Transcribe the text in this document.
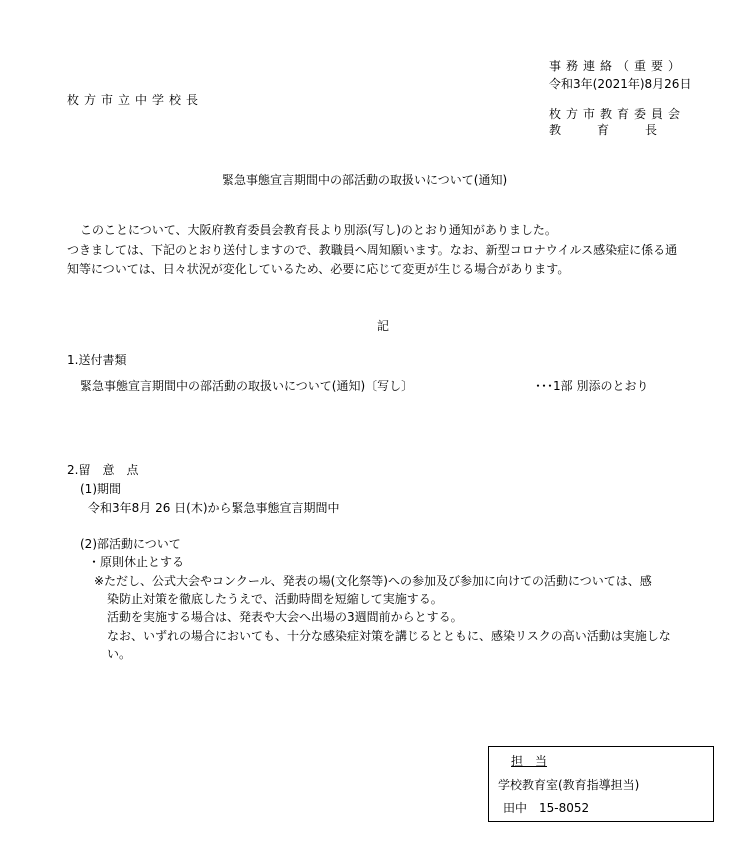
事務連絡（重要）
令和3年(2021年)8月26日
枚方市立中学校長
枚方市教育委員会
教　　育　　長
緊急事態宣言期間中の部活動の取扱いについて(通知)
このことについて、大阪府教育委員会教育長より別添(写し)のとおり通知がありました。
つきましては、下記のとおり送付しますので、教職員へ周知願います。なお、新型コロナウイルス感染症に係る通
知等については、日々状況が変化しているため、必要に応じて変更が生じる場合があります。
記
1.送付書類
緊急事態宣言期間中の部活動の取扱いについて(通知)〔写し〕	･･･1部 別添のとおり
2.留　意　点
(1)期間
令和3年8月 26 日(木)から緊急事態宣言期間中
(2)部活動について
・原則休止とする
※ただし、公式大会やコンクール、発表の場(文化祭等)への参加及び参加に向けての活動については、感
染防止対策を徹底したうえで、活動時間を短縮して実施する。
活動を実施する場合は、発表や大会へ出場の3週間前からとする。
なお、いずれの場合においても、十分な感染症対策を講じるとともに、感染リスクの高い活動は実施しな
い。
担　当
学校教育室(教育指導担当)
田中　15-8052
